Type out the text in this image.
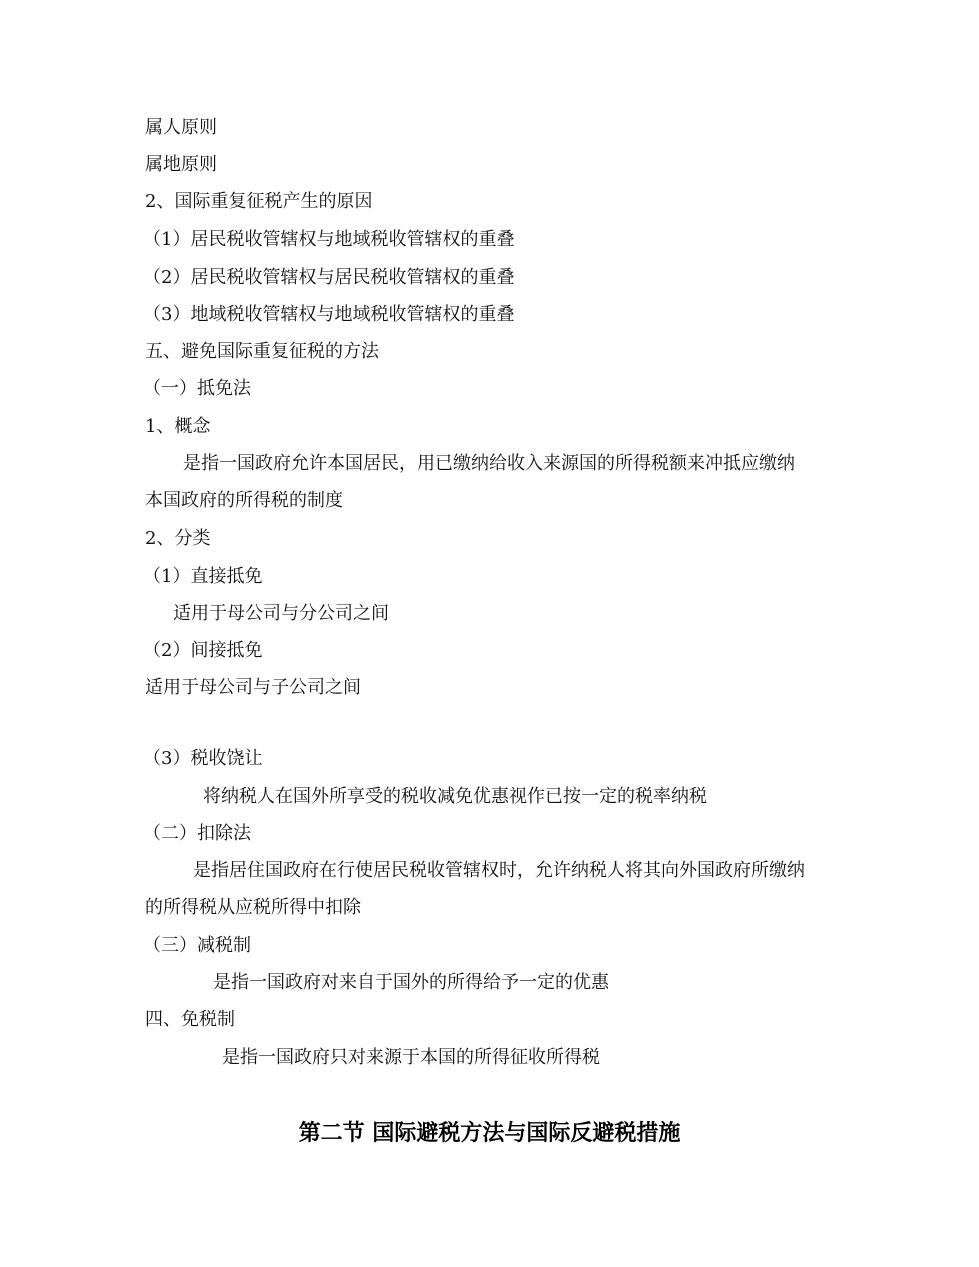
属人原则
属地原则
2、国际重复征税产生的原因
（1）居民税收管辖权与地域税收管辖权的重叠
（2）居民税收管辖权与居民税收管辖权的重叠
（3）地域税收管辖权与地域税收管辖权的重叠
五、避免国际重复征税的方法
（一）抵免法
1、概念
是指一国政府允许本国居民，用已缴纳给收入来源国的所得税额来冲抵应缴纳
本国政府的所得税的制度
2、分类
（1）直接抵免
适用于母公司与分公司之间
（2）间接抵免
适用于母公司与子公司之间
（3）税收饶让
将纳税人在国外所享受的税收减免优惠视作已按一定的税率纳税
（二）扣除法
是指居住国政府在行使居民税收管辖权时，允许纳税人将其向外国政府所缴纳
的所得税从应税所得中扣除
（三）减税制
是指一国政府对来自于国外的所得给予一定的优惠
四、免税制
是指一国政府只对来源于本国的所得征收所得税
第二节 国际避税方法与国际反避税措施
